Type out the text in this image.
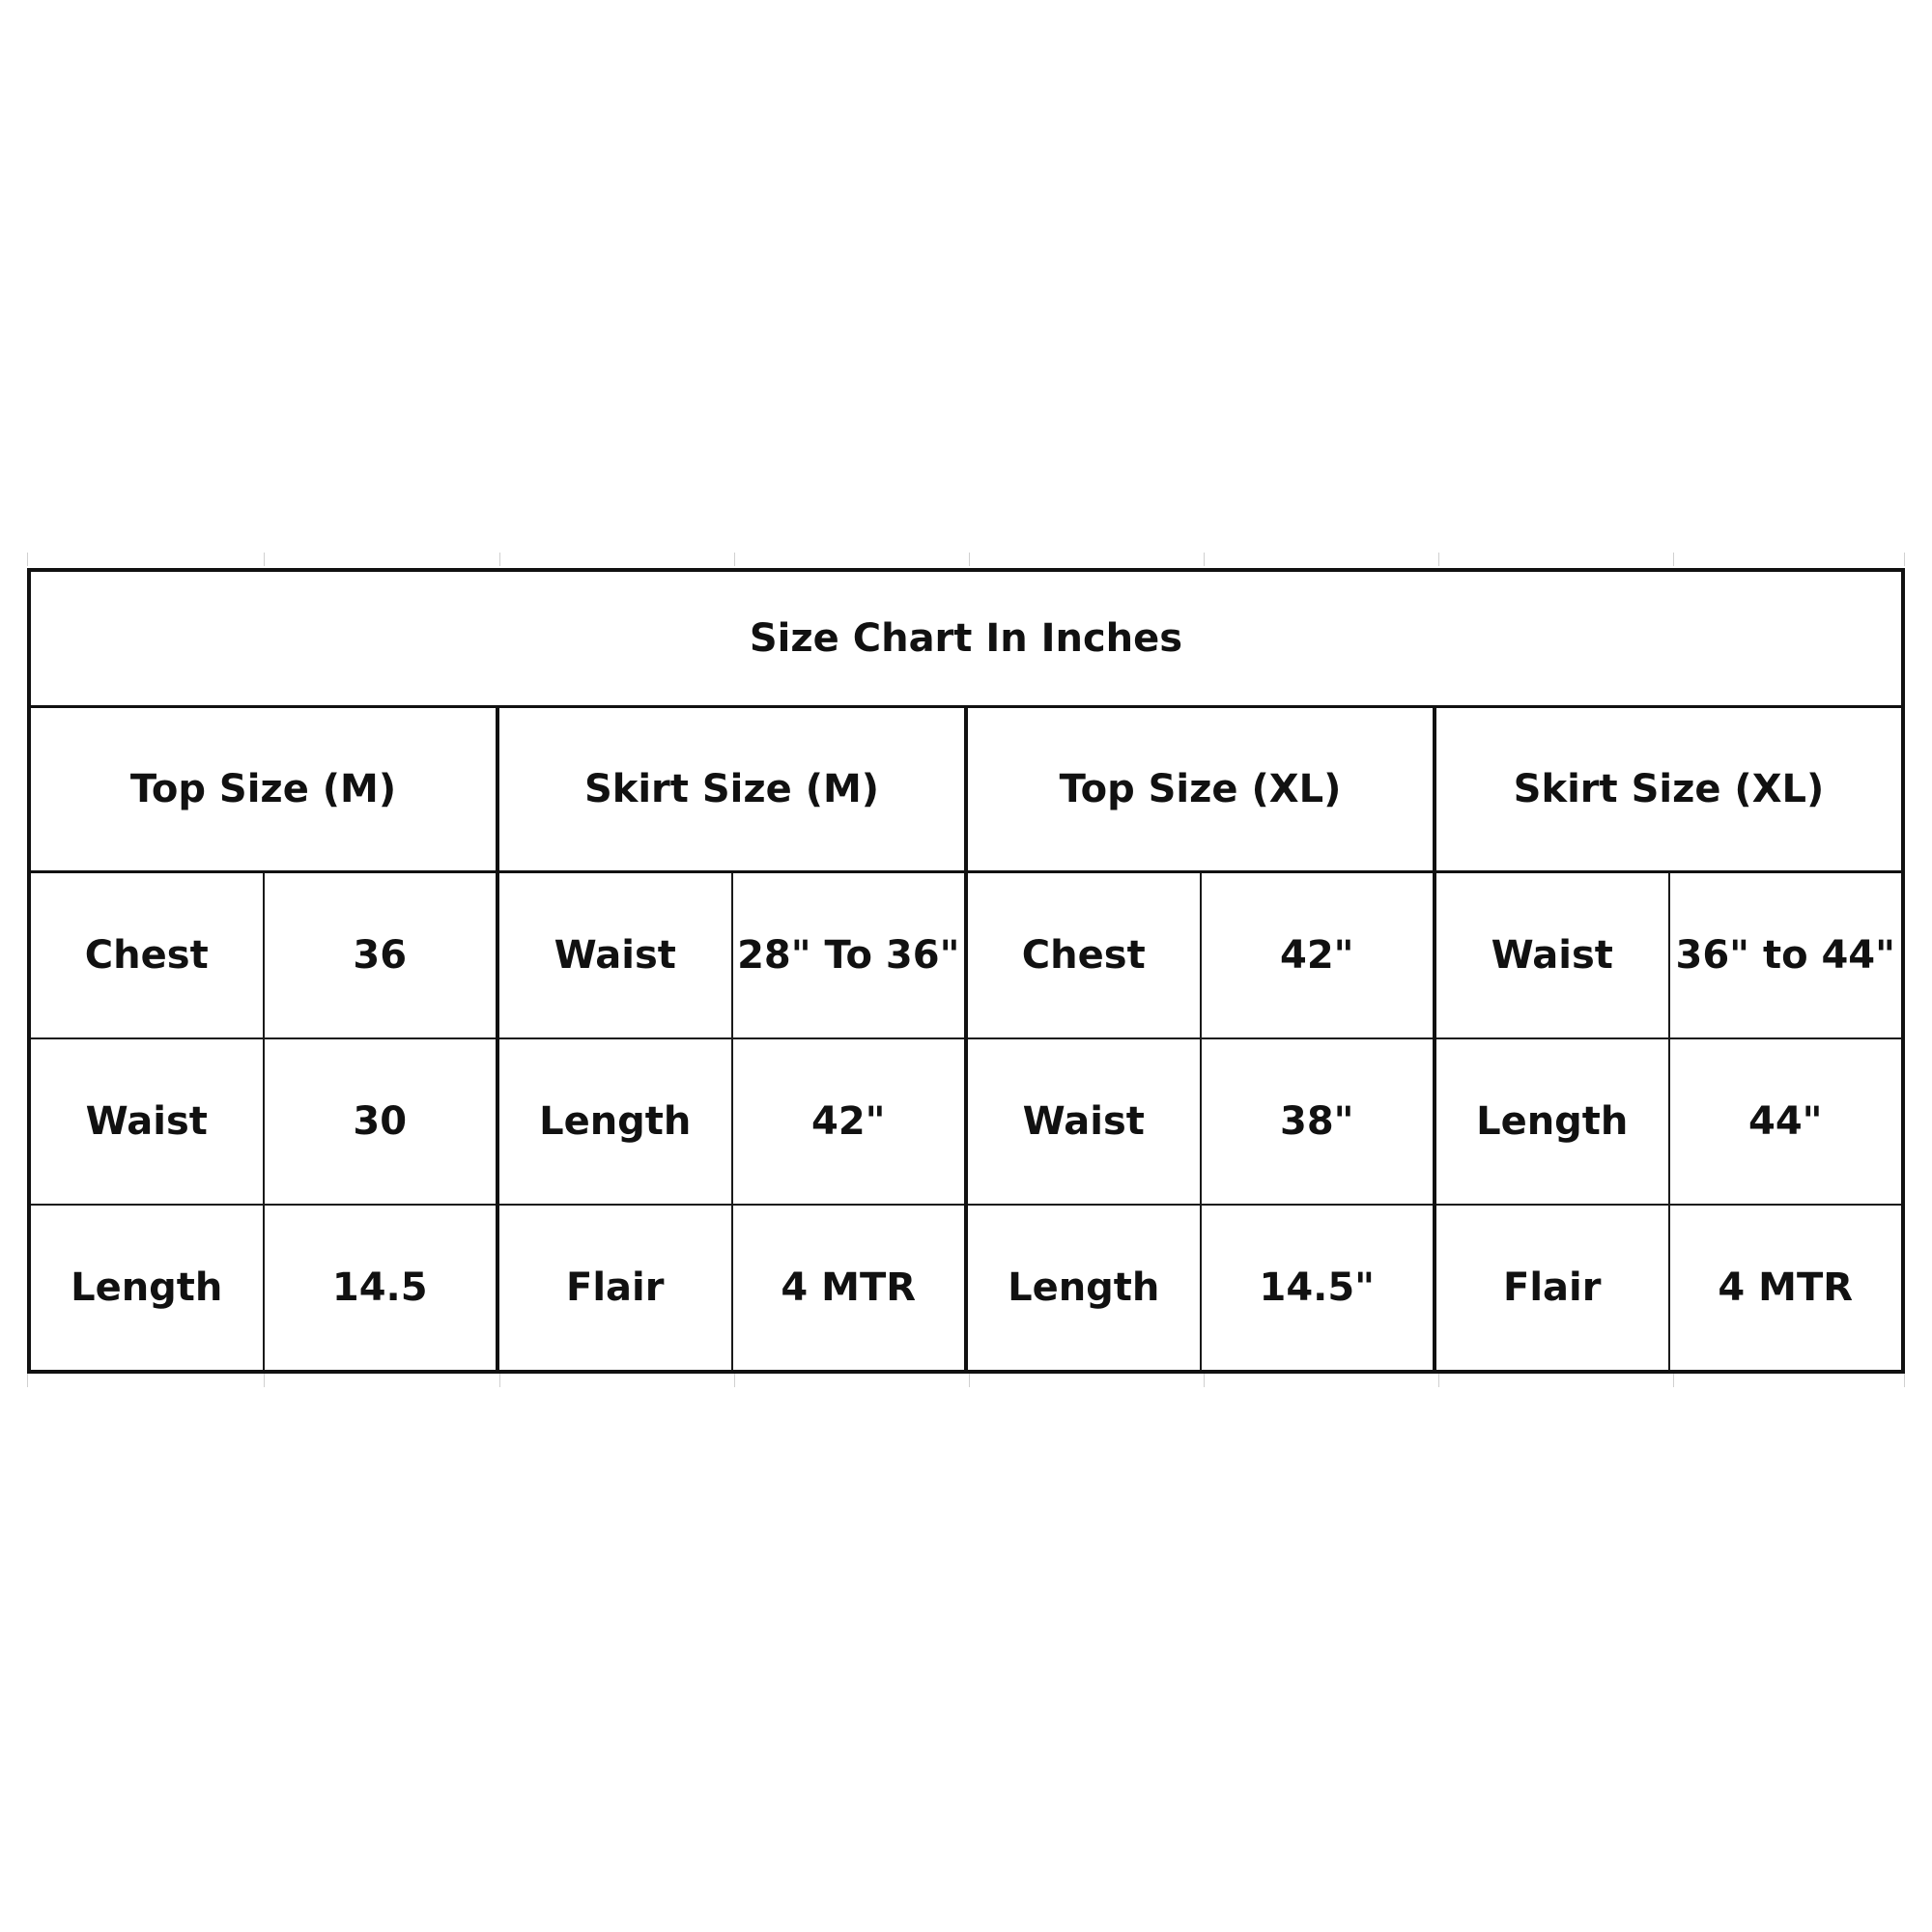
Size Chart In Inches							
Top Size (M)		Skirt Size (M)		Top Size (XL)		Skirt Size (XL)	
Chest	36	Waist	28" To 36"	Chest	42"	Waist	36" to 44"
Waist	30	Length	42"	Waist	38"	Length	44"
Length	14.5	Flair	4 MTR	Length	14.5"	Flair	4 MTR
